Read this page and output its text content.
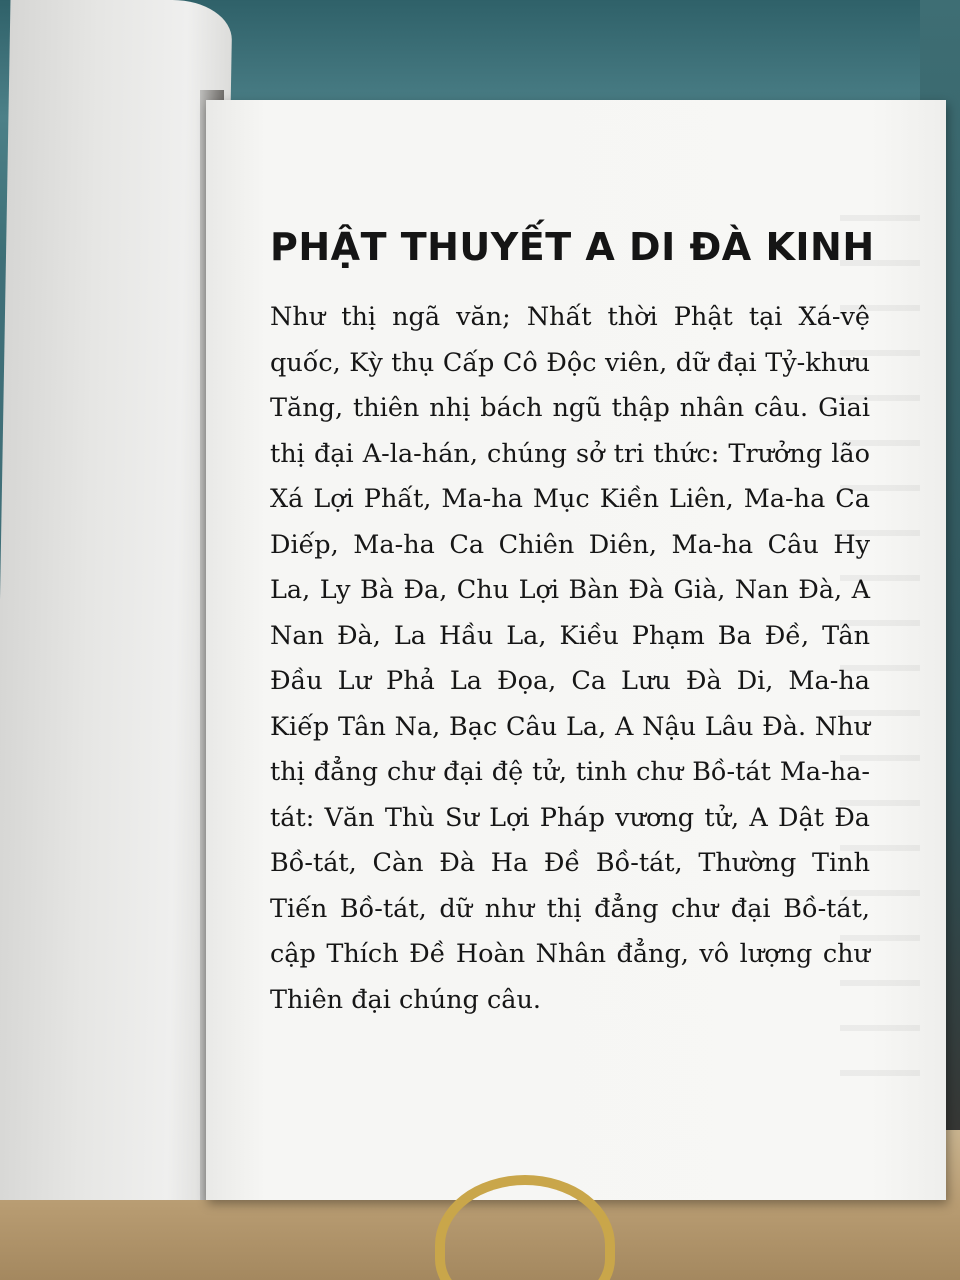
PHẬT THUYẾT A DI ĐÀ KINH

Như thị ngã văn; Nhất thời Phật tại Xá-vệ quốc, Kỳ thụ Cấp Cô Độc viên, dữ đại Tỷ-khưu Tăng, thiên nhị bách ngũ thập nhân câu. Giai thị đại A-la-hán, chúng sở tri thức: Trưởng lão Xá Lợi Phất, Ma-ha Mục Kiền Liên, Ma-ha Ca Diếp, Ma-ha Ca Chiên Diên, Ma-ha Câu Hy La, Ly Bà Đa, Chu Lợi Bàn Đà Già, Nan Đà, A Nan Đà, La Hầu La, Kiều Phạm Ba Đề, Tân Đầu Lư Phả La Đọa, Ca Lưu Đà Di, Ma-ha Kiếp Tân Na, Bạc Câu La, A Nậu Lâu Đà. Như thị đẳng chư đại đệ tử, tinh chư Bồ-tát Ma-ha-tát: Văn Thù Sư Lợi Pháp vương tử, A Dật Đa Bồ-tát, Càn Đà Ha Đề Bồ-tát, Thường Tinh Tiến Bồ-tát, dữ như thị đẳng chư đại Bồ-tát, cập Thích Đề Hoàn Nhân đẳng, vô lượng chư Thiên đại chúng câu.
